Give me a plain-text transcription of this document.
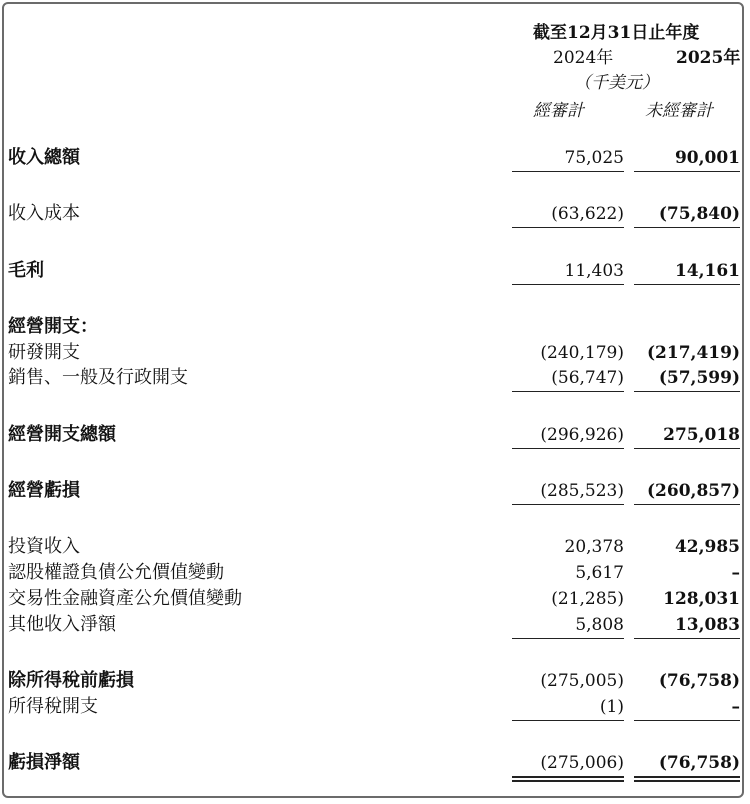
截至12月31日止年度
2024年	2025年
（千美元）
經審計	未經審計
收入總額	75,025	90,001
收入成本	(63,622)	(75,840)
毛利	11,403	14,161
經營開支：
研發開支	(240,179)	(217,419)
銷售、一般及行政開支	(56,747)	(57,599)
經營開支總額	(296,926)	275,018
經營虧損	(285,523)	(260,857)
投資收入	20,378	42,985
認股權證負債公允價值變動	5,617	–
交易性金融資產公允價值變動	(21,285)	128,031
其他收入淨額	5,808	13,083
除所得稅前虧損	(275,005)	(76,758)
所得稅開支	(1)	–
虧損淨額	(275,006)	(76,758)
